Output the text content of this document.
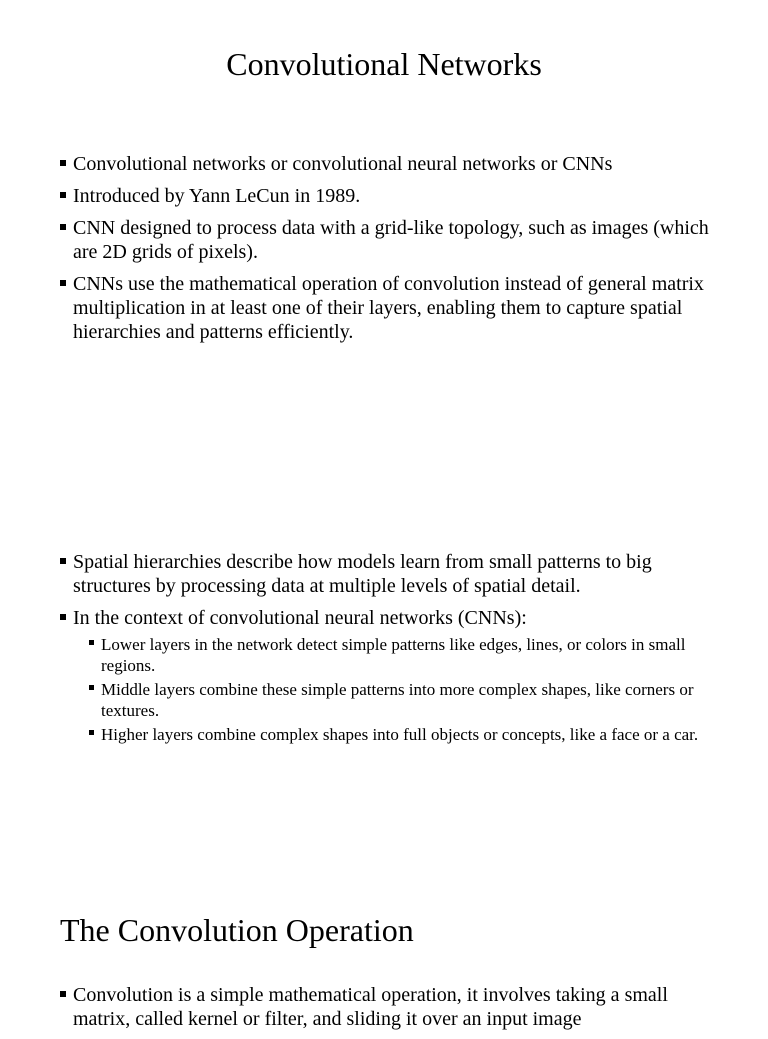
Convolutional Networks
Convolutional networks or convolutional neural networks or CNNs
Introduced by Yann LeCun in 1989.
CNN designed to process data with a grid-like topology, such as images (which are 2D grids of pixels).
CNNs use the mathematical operation of convolution instead of general matrix multiplication in at least one of their layers, enabling them to capture spatial hierarchies and patterns efficiently.
Spatial hierarchies describe how models learn from small patterns to big structures by processing data at multiple levels of spatial detail.
In the context of convolutional neural networks (CNNs):
Lower layers in the network detect simple patterns like edges, lines, or colors in small regions.
Middle layers combine these simple patterns into more complex shapes, like corners or textures.
Higher layers combine complex shapes into full objects or concepts, like a face or a car.
The Convolution Operation
Convolution is a simple mathematical operation, it involves taking a small matrix, called kernel or filter, and sliding it over an input image
